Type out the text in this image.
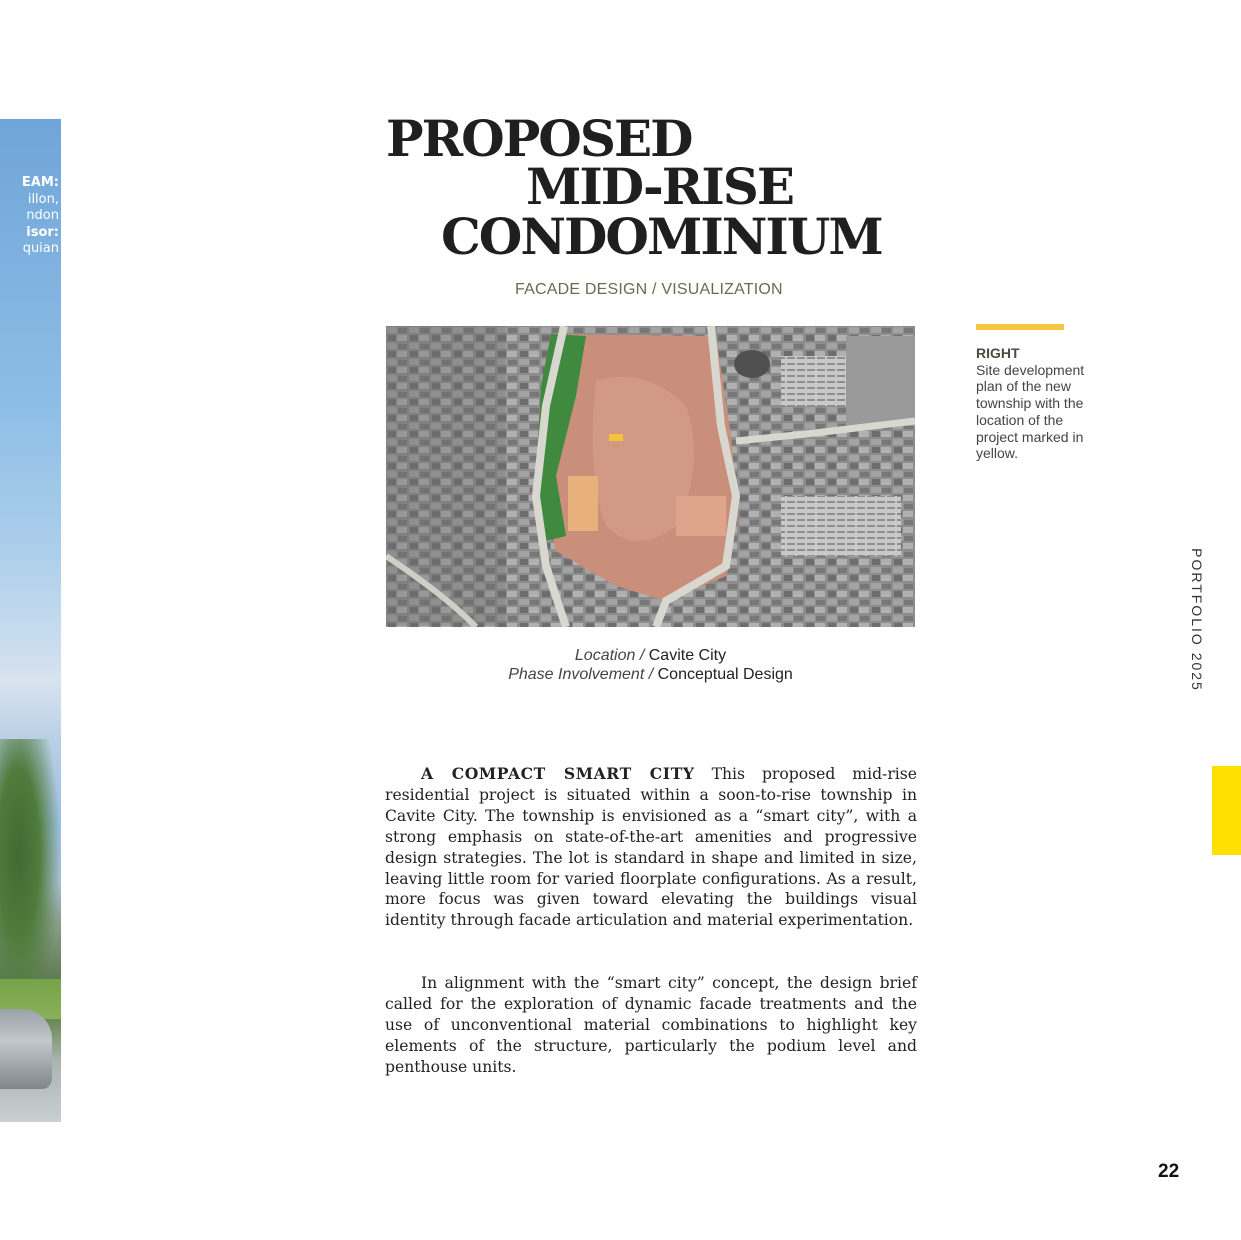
EAM:
illon,
ndon
isor:
quian
PROPOSED
MID-RISE
CONDOMINIUM
FACADE DESIGN / VISUALIZATION
Location / Cavite City
Phase Involvement / Conceptual Design
RIGHT
Site development plan of the new township with the location of the project marked in yellow.
PORTFOLIO 2025
22
A COMPACT SMART CITY This proposed mid-rise residential project is situated within a soon-to-rise township in Cavite City. The township is envisioned as a “smart city”, with a strong emphasis on state-of-the-art amenities and progressive design strategies. The lot is standard in shape and limited in size, leaving little room for varied floorplate configurations. As a result, more focus was given toward elevating the buildings visual identity through facade articulation and material experimentation.
In alignment with the “smart city” concept, the design brief called for the exploration of dynamic facade treatments and the use of unconventional material combinations to highlight key elements of the structure, particularly the podium level and penthouse units.
